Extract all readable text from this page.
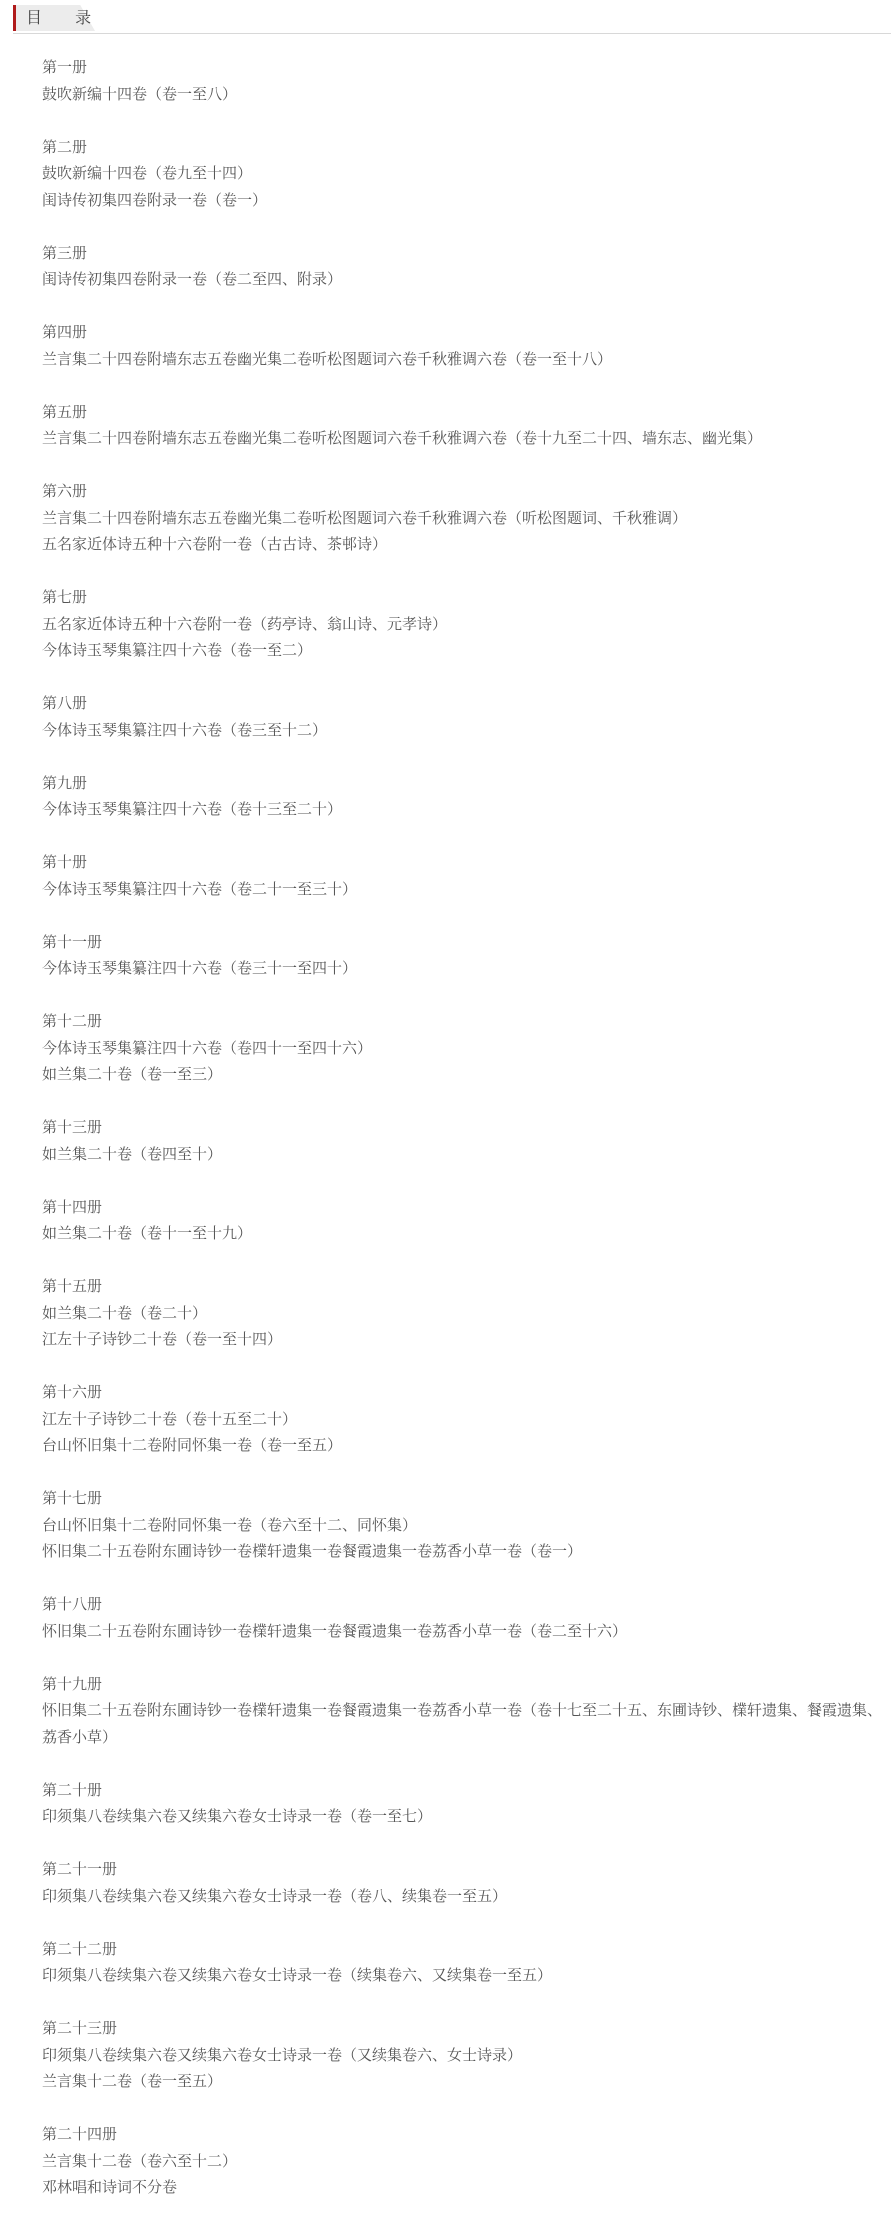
目 录
第一册
鼓吹新编十四卷（卷一至八）
第二册
鼓吹新编十四卷（卷九至十四）
闺诗传初集四卷附录一卷（卷一）
第三册
闺诗传初集四卷附录一卷（卷二至四、附录）
第四册
兰言集二十四卷附墙东志五卷幽光集二卷听松图题词六卷千秋雅调六卷（卷一至十八）
第五册
兰言集二十四卷附墙东志五卷幽光集二卷听松图题词六卷千秋雅调六卷（卷十九至二十四、墙东志、幽光集）
第六册
兰言集二十四卷附墙东志五卷幽光集二卷听松图题词六卷千秋雅调六卷（听松图题词、千秋雅调）
五名家近体诗五种十六卷附一卷（古古诗、茶邨诗）
第七册
五名家近体诗五种十六卷附一卷（药亭诗、翁山诗、元孝诗）
今体诗玉琴集纂注四十六卷（卷一至二）
第八册
今体诗玉琴集纂注四十六卷（卷三至十二）
第九册
今体诗玉琴集纂注四十六卷（卷十三至二十）
第十册
今体诗玉琴集纂注四十六卷（卷二十一至三十）
第十一册
今体诗玉琴集纂注四十六卷（卷三十一至四十）
第十二册
今体诗玉琴集纂注四十六卷（卷四十一至四十六）
如兰集二十卷（卷一至三）
第十三册
如兰集二十卷（卷四至十）
第十四册
如兰集二十卷（卷十一至十九）
第十五册
如兰集二十卷（卷二十）
江左十子诗钞二十卷（卷一至十四）
第十六册
江左十子诗钞二十卷（卷十五至二十）
台山怀旧集十二卷附同怀集一卷（卷一至五）
第十七册
台山怀旧集十二卷附同怀集一卷（卷六至十二、同怀集）
怀旧集二十五卷附东圃诗钞一卷檏轩遗集一卷餐霞遗集一卷荔香小草一卷（卷一）
第十八册
怀旧集二十五卷附东圃诗钞一卷檏轩遗集一卷餐霞遗集一卷荔香小草一卷（卷二至十六）
第十九册
怀旧集二十五卷附东圃诗钞一卷檏轩遗集一卷餐霞遗集一卷荔香小草一卷（卷十七至二十五、东圃诗钞、檏轩遗集、餐霞遗集、荔香小草）
第二十册
印须集八卷续集六卷又续集六卷女士诗录一卷（卷一至七）
第二十一册
印须集八卷续集六卷又续集六卷女士诗录一卷（卷八、续集卷一至五）
第二十二册
印须集八卷续集六卷又续集六卷女士诗录一卷（续集卷六、又续集卷一至五）
第二十三册
印须集八卷续集六卷又续集六卷女士诗录一卷（又续集卷六、女士诗录）
兰言集十二卷（卷一至五）
第二十四册
兰言集十二卷（卷六至十二）
邓林唱和诗词不分卷
